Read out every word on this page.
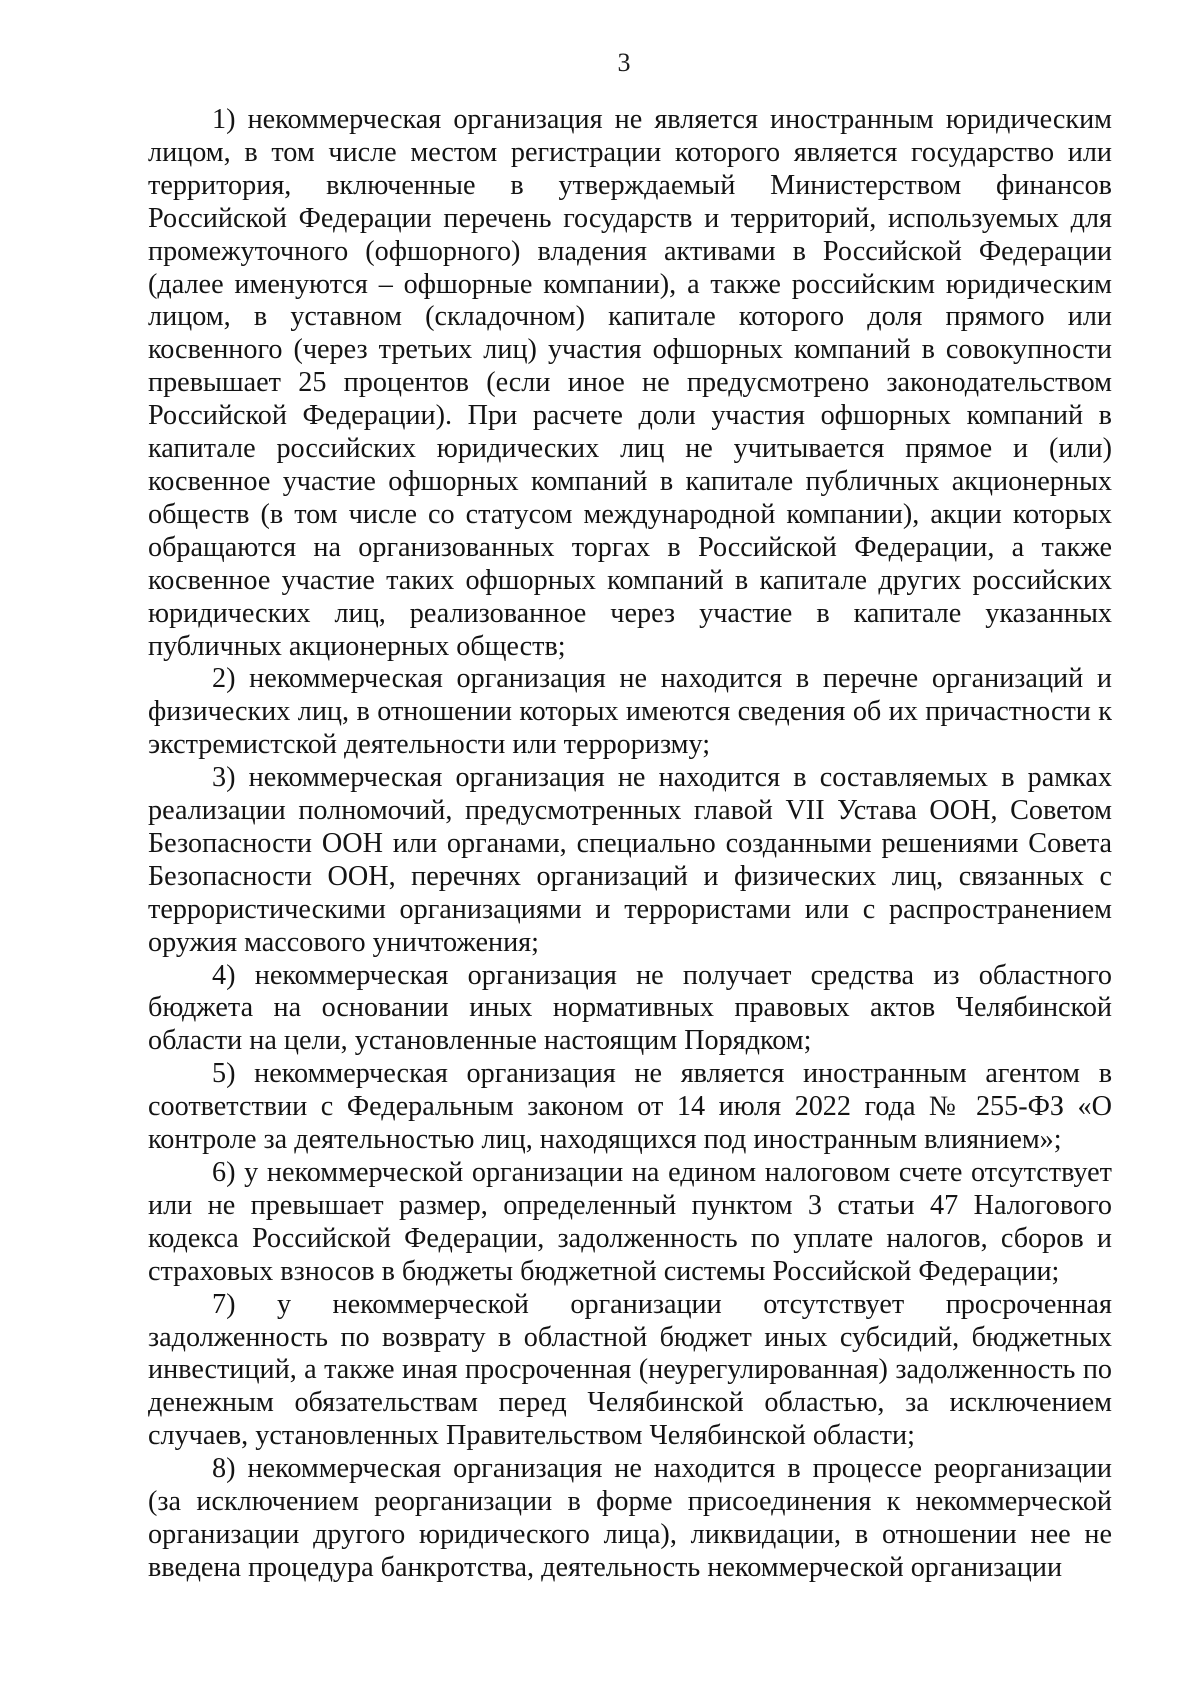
3

1) некоммерческая организация не является иностранным юридическим лицом, в том числе местом регистрации которого является государство или территория, включенные в утверждаемый Министерством финансов Российской Федерации перечень государств и территорий, используемых для промежуточного (офшорного) владения активами в Российской Федерации (далее именуются – офшорные компании), а также российским юридическим лицом, в уставном (складочном) капитале которого доля прямого или косвенного (через третьих лиц) участия офшорных компаний в совокупности превышает 25 процентов (если иное не предусмотрено законодательством Российской Федерации). При расчете доли участия офшорных компаний в капитале российских юридических лиц не учитывается прямое и (или) косвенное участие офшорных компаний в капитале публичных акционерных обществ (в том числе со статусом международной компании), акции которых обращаются на организованных торгах в Российской Федерации, а также косвенное участие таких офшорных компаний в капитале других российских юридических лиц, реализованное через участие в капитале указанных публичных акционерных обществ;

2) некоммерческая организация не находится в перечне организаций и физических лиц, в отношении которых имеются сведения об их причастности к экстремистской деятельности или терроризму;

3) некоммерческая организация не находится в составляемых в рамках реализации полномочий, предусмотренных главой VII Устава ООН, Советом Безопасности ООН или органами, специально созданными решениями Совета Безопасности ООН, перечнях организаций и физических лиц, связанных с террористическими организациями и террористами или с распространением оружия массового уничтожения;

4) некоммерческая организация не получает средства из областного бюджета на основании иных нормативных правовых актов Челябинской области на цели, установленные настоящим Порядком;

5) некоммерческая организация не является иностранным агентом в соответствии с Федеральным законом от 14 июля 2022 года № 255-ФЗ «О контроле за деятельностью лиц, находящихся под иностранным влиянием»;

6) у некоммерческой организации на едином налоговом счете отсутствует или не превышает размер, определенный пунктом 3 статьи 47 Налогового кодекса Российской Федерации, задолженность по уплате налогов, сборов и страховых взносов в бюджеты бюджетной системы Российской Федерации;

7) у некоммерческой организации отсутствует просроченная задолженность по возврату в областной бюджет иных субсидий, бюджетных инвестиций, а также иная просроченная (неурегулированная) задолженность по денежным обязательствам перед Челябинской областью, за исключением случаев, установленных Правительством Челябинской области;

8) некоммерческая организация не находится в процессе реорганизации (за исключением реорганизации в форме присоединения к некоммерческой организации другого юридического лица), ликвидации, в отношении нее не введена процедура банкротства, деятельность некоммерческой организации
